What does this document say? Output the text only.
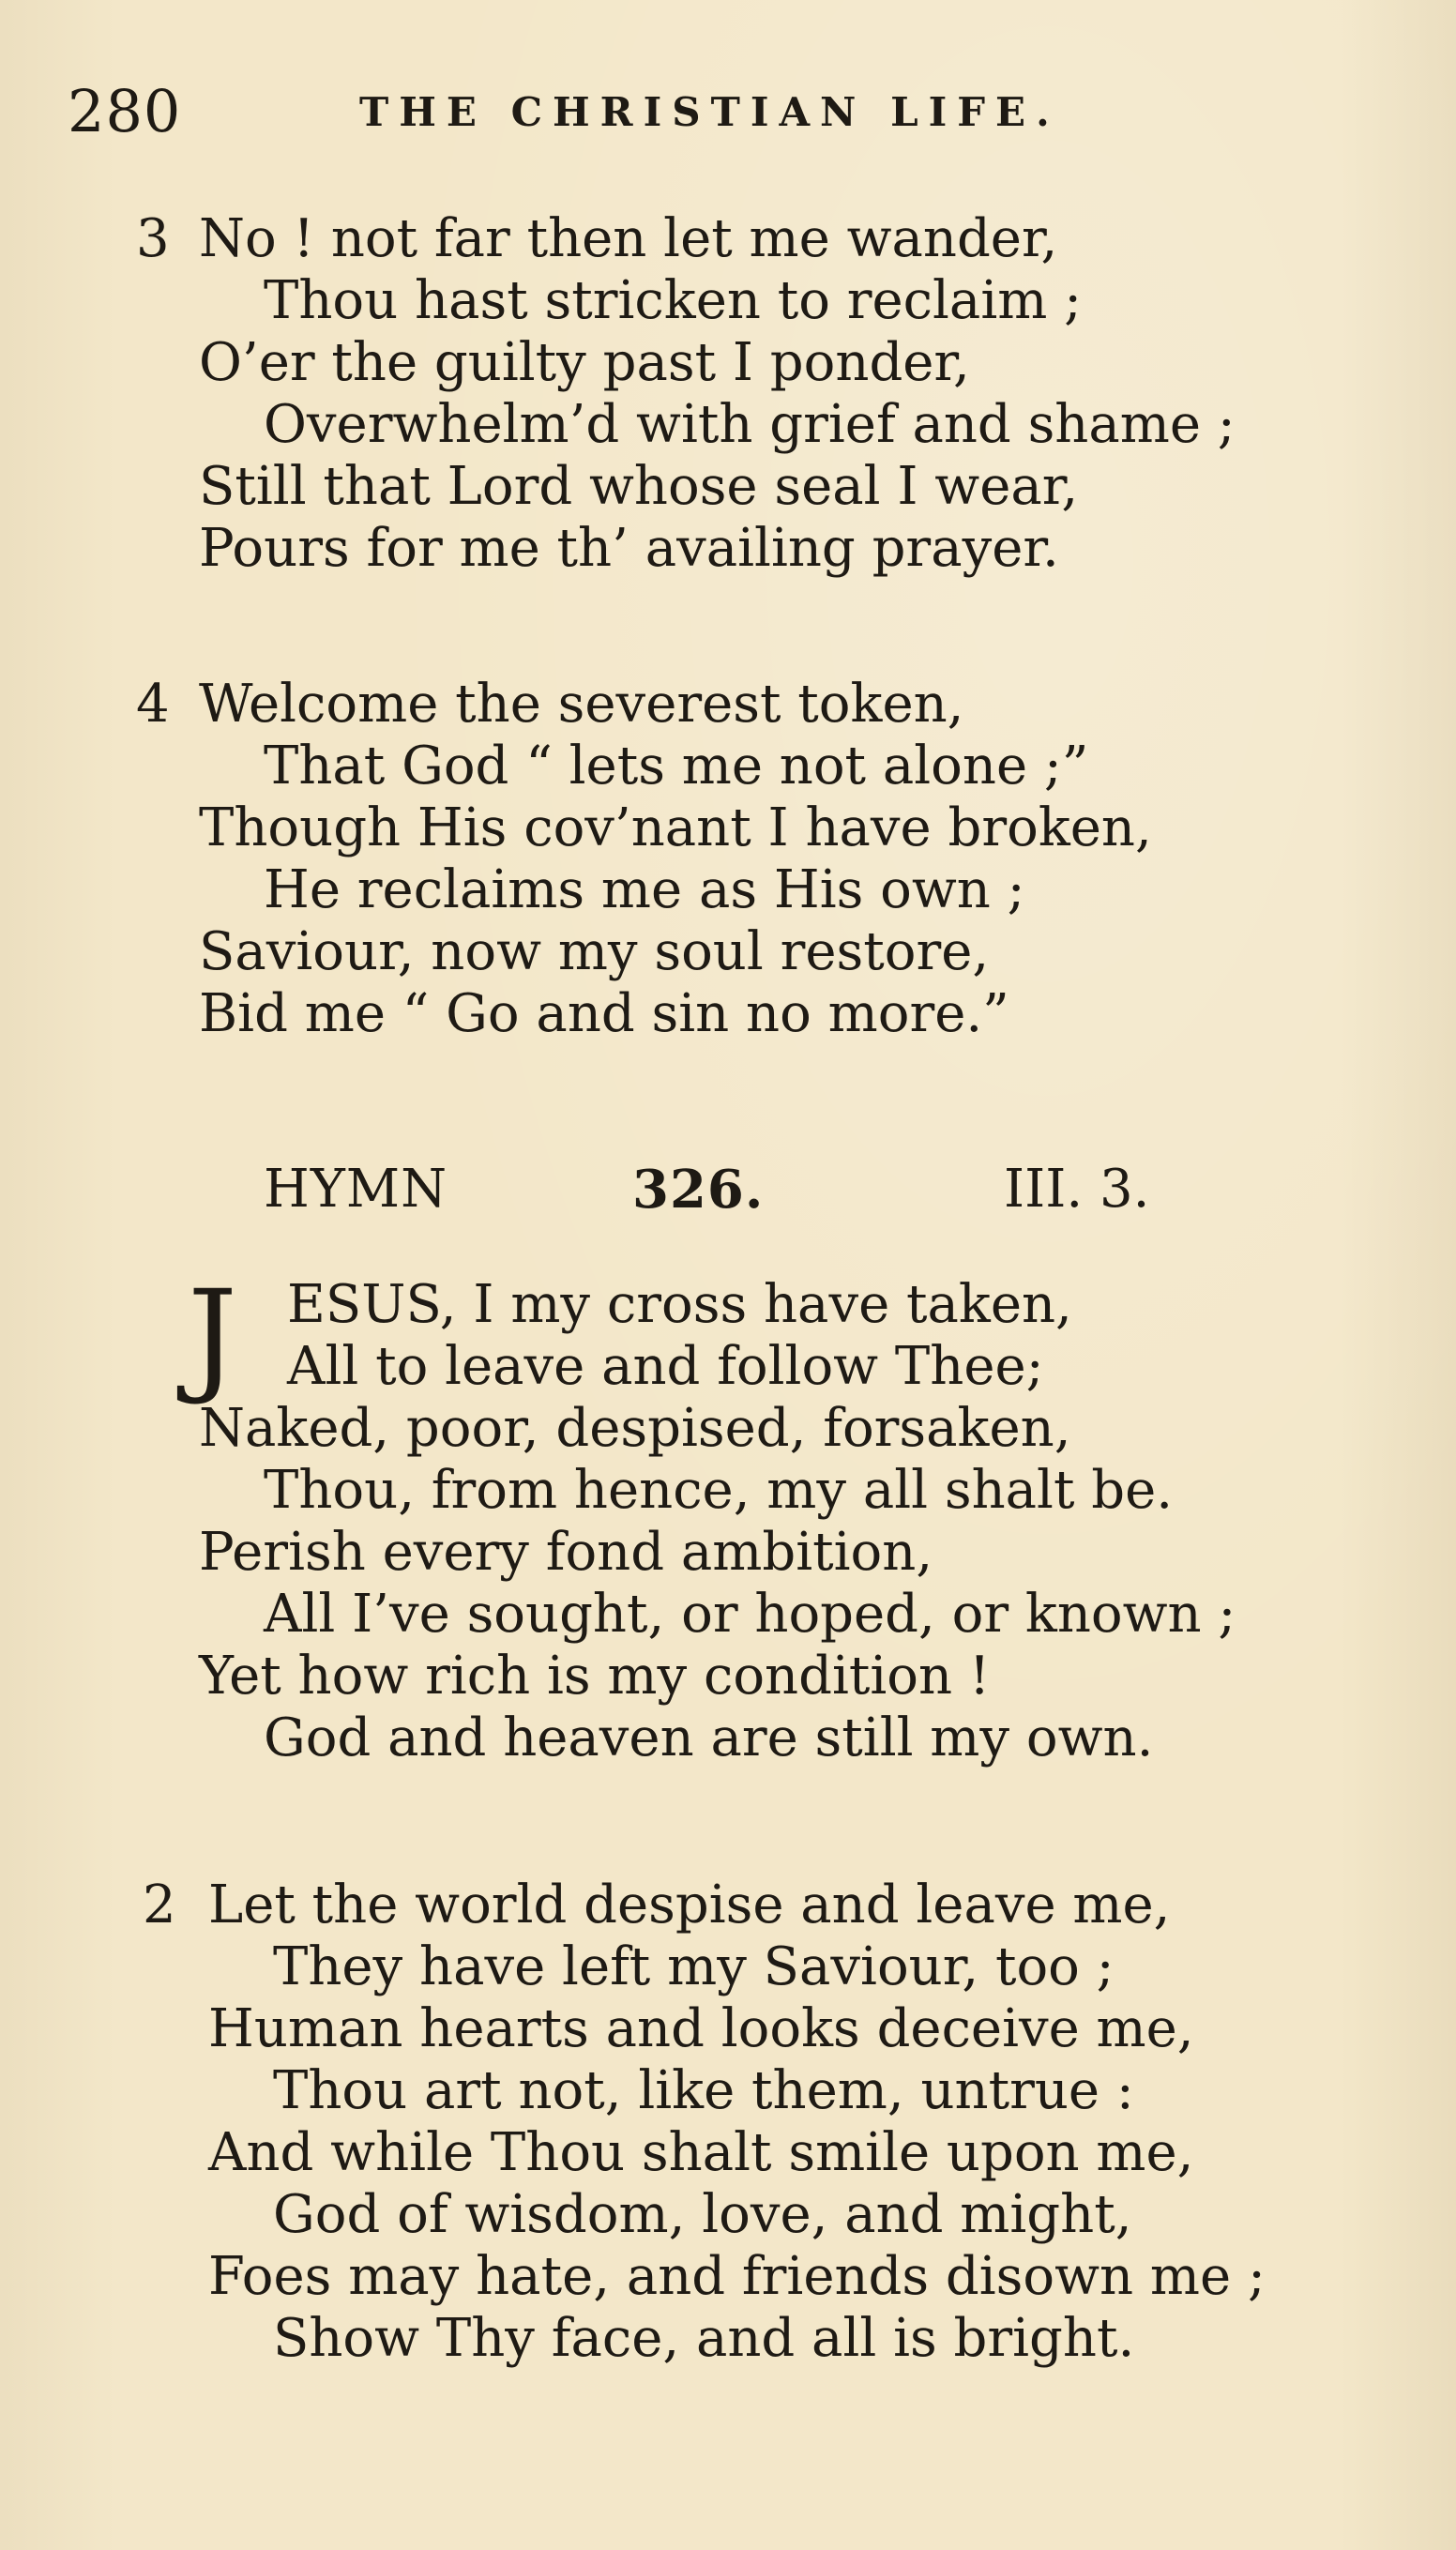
280	THE CHRISTIAN LIFE.
3 No ! not far then let me wander,
Thou hast stricken to reclaim ;
O’er the guilty past I ponder,
Overwhelm’d with grief and shame ;
Still that Lord whose seal I wear,
Pours for me th’ availing prayer.
4 Welcome the severest token,
That God “ lets me not alone ;”
Though His cov’nant I have broken,
He reclaims me as His own ;
Saviour, now my soul restore,
Bid me “ Go and sin no more.”
HYMN	326.	III. 3.
J ESUS, I my cross have taken,
All to leave and follow Thee;
Naked, poor, despised, forsaken,
Thou, from hence, my all shalt be.
Perish every fond ambition,
All I’ve sought, or hoped, or known ;
Yet how rich is my condition !
God and heaven are still my own.
2 Let the world despise and leave me,
They have left my Saviour, too ;
Human hearts and looks deceive me,
Thou art not, like them, untrue :
And while Thou shalt smile upon me,
God of wisdom, love, and might,
Foes may hate, and friends disown me ;
Show Thy face, and all is bright.
